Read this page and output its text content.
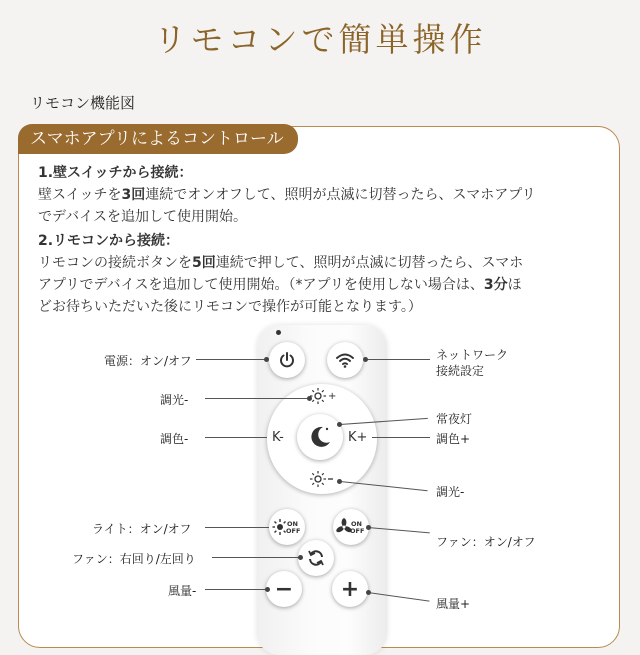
リモコンで簡単操作
リモコン機能図
スマホアプリによるコントロール
1.壁スイッチから接続：
壁スイッチを3回連続でオンオフして、照明が点滅に切替ったら、スマホアプリ
でデバイスを追加して使用開始。
2.リモコンから接続：
リモコンの接続ボタンを5回連続で押して、照明が点滅に切替ったら、スマホ
アプリでデバイスを追加して使用開始。（*アプリを使用しない場合は、3分ほ
どお待ちいただいた後にリモコンで操作が可能となります。）
+
K-	K+
ON
OFF
ON
OFF
−	+
電源：オン/オフ	ネットワーク
接続設定
調光-
常夜灯
調色-	調色+
調光-
ライト：オン/オフ
ファン：オン/オフ
ファン：右回り/左回り
風量-
風量+
